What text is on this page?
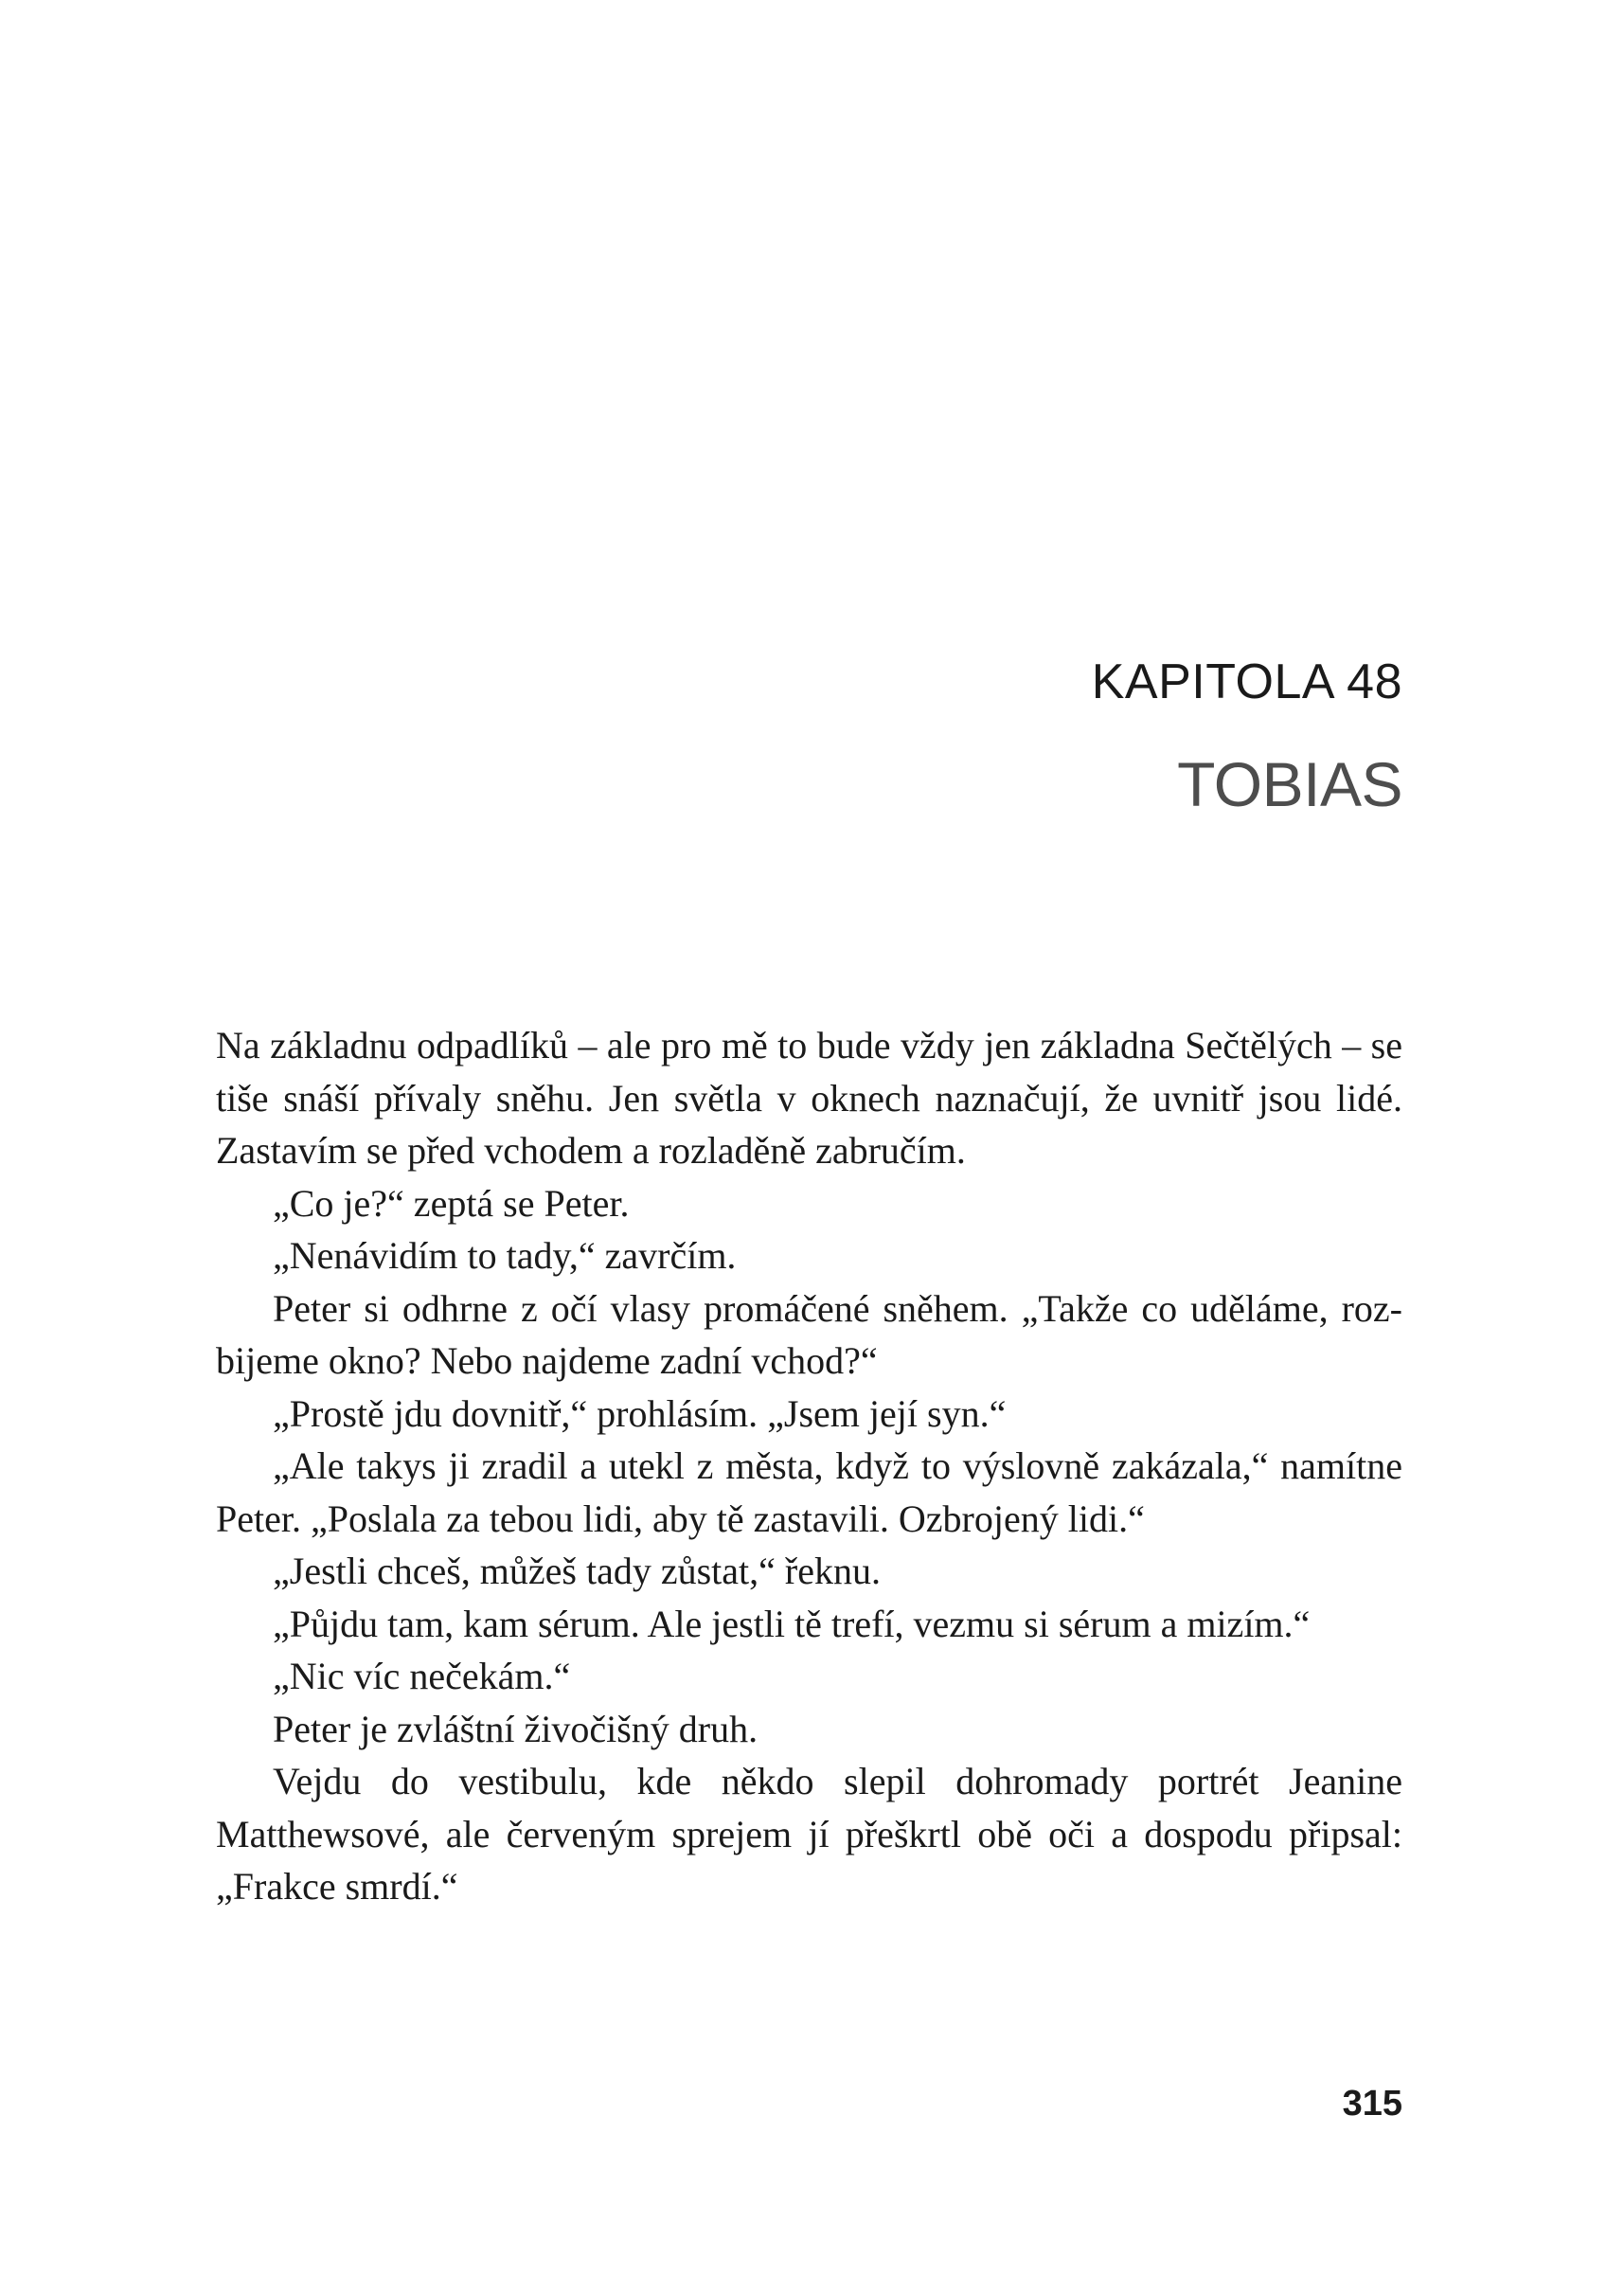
KAPITOLA 48
TOBIAS

Na základnu odpadlíků – ale pro mě to bude vždy jen základna Sečtělých – se tiše snáší přívaly sněhu. Jen světla v oknech naznačují, že uvnitř jsou lidé. Zastavím se před vchodem a rozladěně zabručím.

„Co je?“ zeptá se Peter.

„Nenávidím to tady,“ zavrčím.

Peter si odhrne z očí vlasy promáčené sněhem. „Takže co uděláme, rozbijeme okno? Nebo najdeme zadní vchod?“

„Prostě jdu dovnitř,“ prohlásím. „Jsem její syn.“

„Ale takys ji zradil a utekl z města, když to výslovně zakázala,“ namítne Peter. „Poslala za tebou lidi, aby tě zastavili. Ozbrojený lidi.“

„Jestli chceš, můžeš tady zůstat,“ řeknu.

„Půjdu tam, kam sérum. Ale jestli tě trefí, vezmu si sérum a mizím.“

„Nic víc nečekám.“

Peter je zvláštní živočišný druh.

Vejdu do vestibulu, kde někdo slepil dohromady portrét Jeanine Matthewsové, ale červeným sprejem jí přeškrtl obě oči a dospodu připsal: „Frakce smrdí.“

315
